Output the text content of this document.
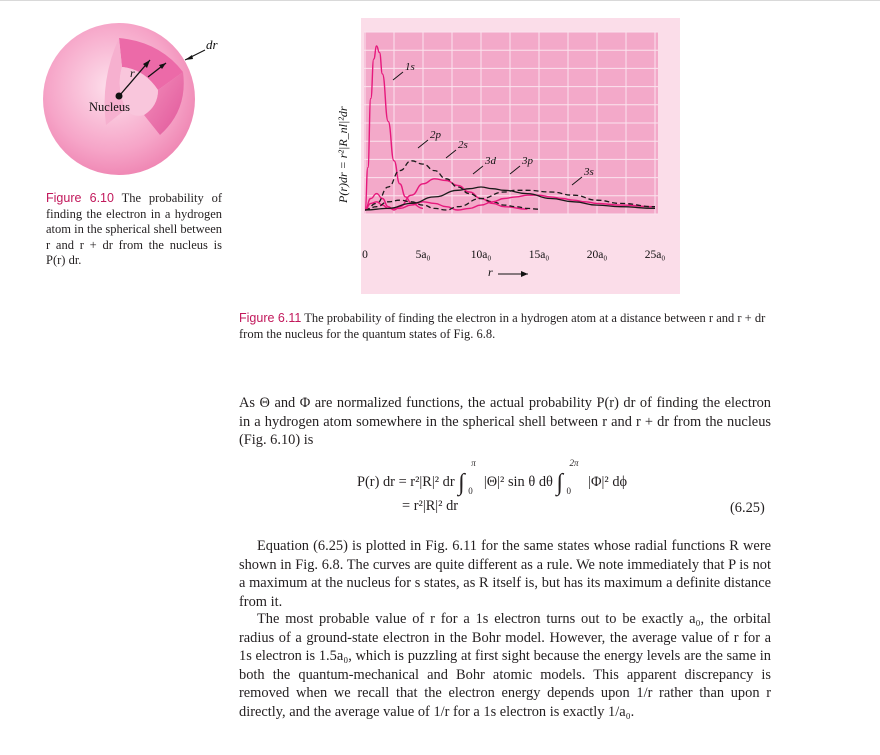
r
dr
Nucleus
Figure 6.10 The probability of finding the electron in a hydrogen atom in the spherical shell between r and r + dr from the nucleus is P(r) dr.	0	5a₀	10a₀	15a₀	20a₀	25a₀
1s
2s
2p
3s
3p
3d
P(r)dr = r²|R_nl|²dr
r
Figure 6.11 The probability of finding the electron in a hydrogen atom at a distance between r and r + dr from the nucleus for the quantum states of Fig. 6.8.
As Θ and Φ are normalized functions, the actual probability P(r) dr of finding the electron in a hydrogen atom somewhere in the spherical shell between r and r + dr from the nucleus (Fig. 6.10) is
P(r) dr = r²|R|² dr ∫
π
0
|Θ|² sin θ dθ ∫
2π
0
|Φ|² dϕ
= r²|R|² dr	(6.25)
Equation (6.25) is plotted in Fig. 6.11 for the same states whose radial functions R were shown in Fig. 6.8. The curves are quite different as a rule. We note immediately that P is not a maximum at the nucleus for s states, as R itself is, but has its maximum a definite distance from it.
The most probable value of r for a 1s electron turns out to be exactly a₀, the orbital radius of a ground-state electron in the Bohr model. However, the average value of r for a 1s electron is 1.5a₀, which is puzzling at first sight because the energy levels are the same in both the quantum-mechanical and Bohr atomic models. This apparent discrepancy is removed when we recall that the electron energy depends upon 1/r rather than upon r directly, and the average value of 1/r for a 1s electron is exactly 1/a₀.
